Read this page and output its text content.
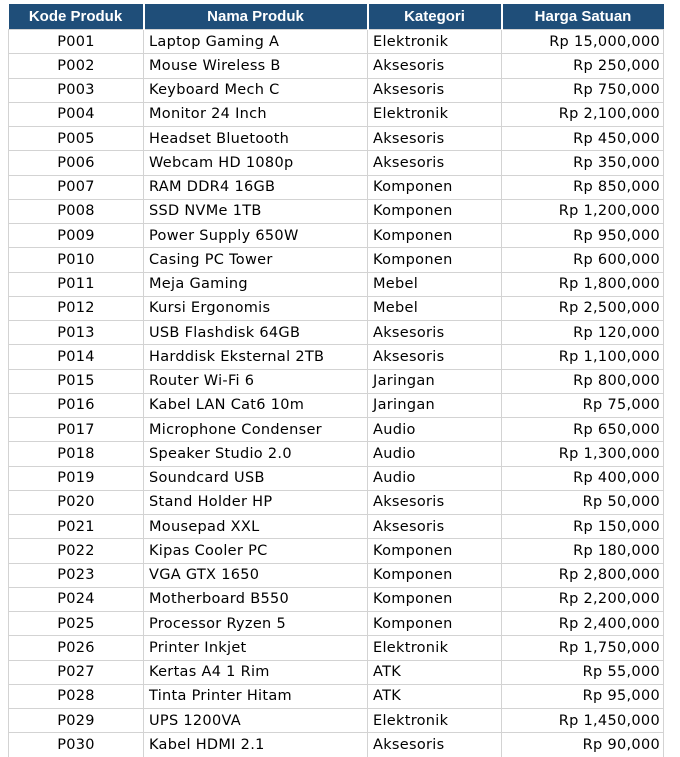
Kode Produk	Nama Produk	Kategori	Harga Satuan
P001	Laptop Gaming A	Elektronik	Rp 15,000,000
P002	Mouse Wireless B	Aksesoris	Rp 250,000
P003	Keyboard Mech C	Aksesoris	Rp 750,000
P004	Monitor 24 Inch	Elektronik	Rp 2,100,000
P005	Headset Bluetooth	Aksesoris	Rp 450,000
P006	Webcam HD 1080p	Aksesoris	Rp 350,000
P007	RAM DDR4 16GB	Komponen	Rp 850,000
P008	SSD NVMe 1TB	Komponen	Rp 1,200,000
P009	Power Supply 650W	Komponen	Rp 950,000
P010	Casing PC Tower	Komponen	Rp 600,000
P011	Meja Gaming	Mebel	Rp 1,800,000
P012	Kursi Ergonomis	Mebel	Rp 2,500,000
P013	USB Flashdisk 64GB	Aksesoris	Rp 120,000
P014	Harddisk Eksternal 2TB	Aksesoris	Rp 1,100,000
P015	Router Wi-Fi 6	Jaringan	Rp 800,000
P016	Kabel LAN Cat6 10m	Jaringan	Rp 75,000
P017	Microphone Condenser	Audio	Rp 650,000
P018	Speaker Studio 2.0	Audio	Rp 1,300,000
P019	Soundcard USB	Audio	Rp 400,000
P020	Stand Holder HP	Aksesoris	Rp 50,000
P021	Mousepad XXL	Aksesoris	Rp 150,000
P022	Kipas Cooler PC	Komponen	Rp 180,000
P023	VGA GTX 1650	Komponen	Rp 2,800,000
P024	Motherboard B550	Komponen	Rp 2,200,000
P025	Processor Ryzen 5	Komponen	Rp 2,400,000
P026	Printer Inkjet	Elektronik	Rp 1,750,000
P027	Kertas A4 1 Rim	ATK	Rp 55,000
P028	Tinta Printer Hitam	ATK	Rp 95,000
P029	UPS 1200VA	Elektronik	Rp 1,450,000
P030	Kabel HDMI 2.1	Aksesoris	Rp 90,000
